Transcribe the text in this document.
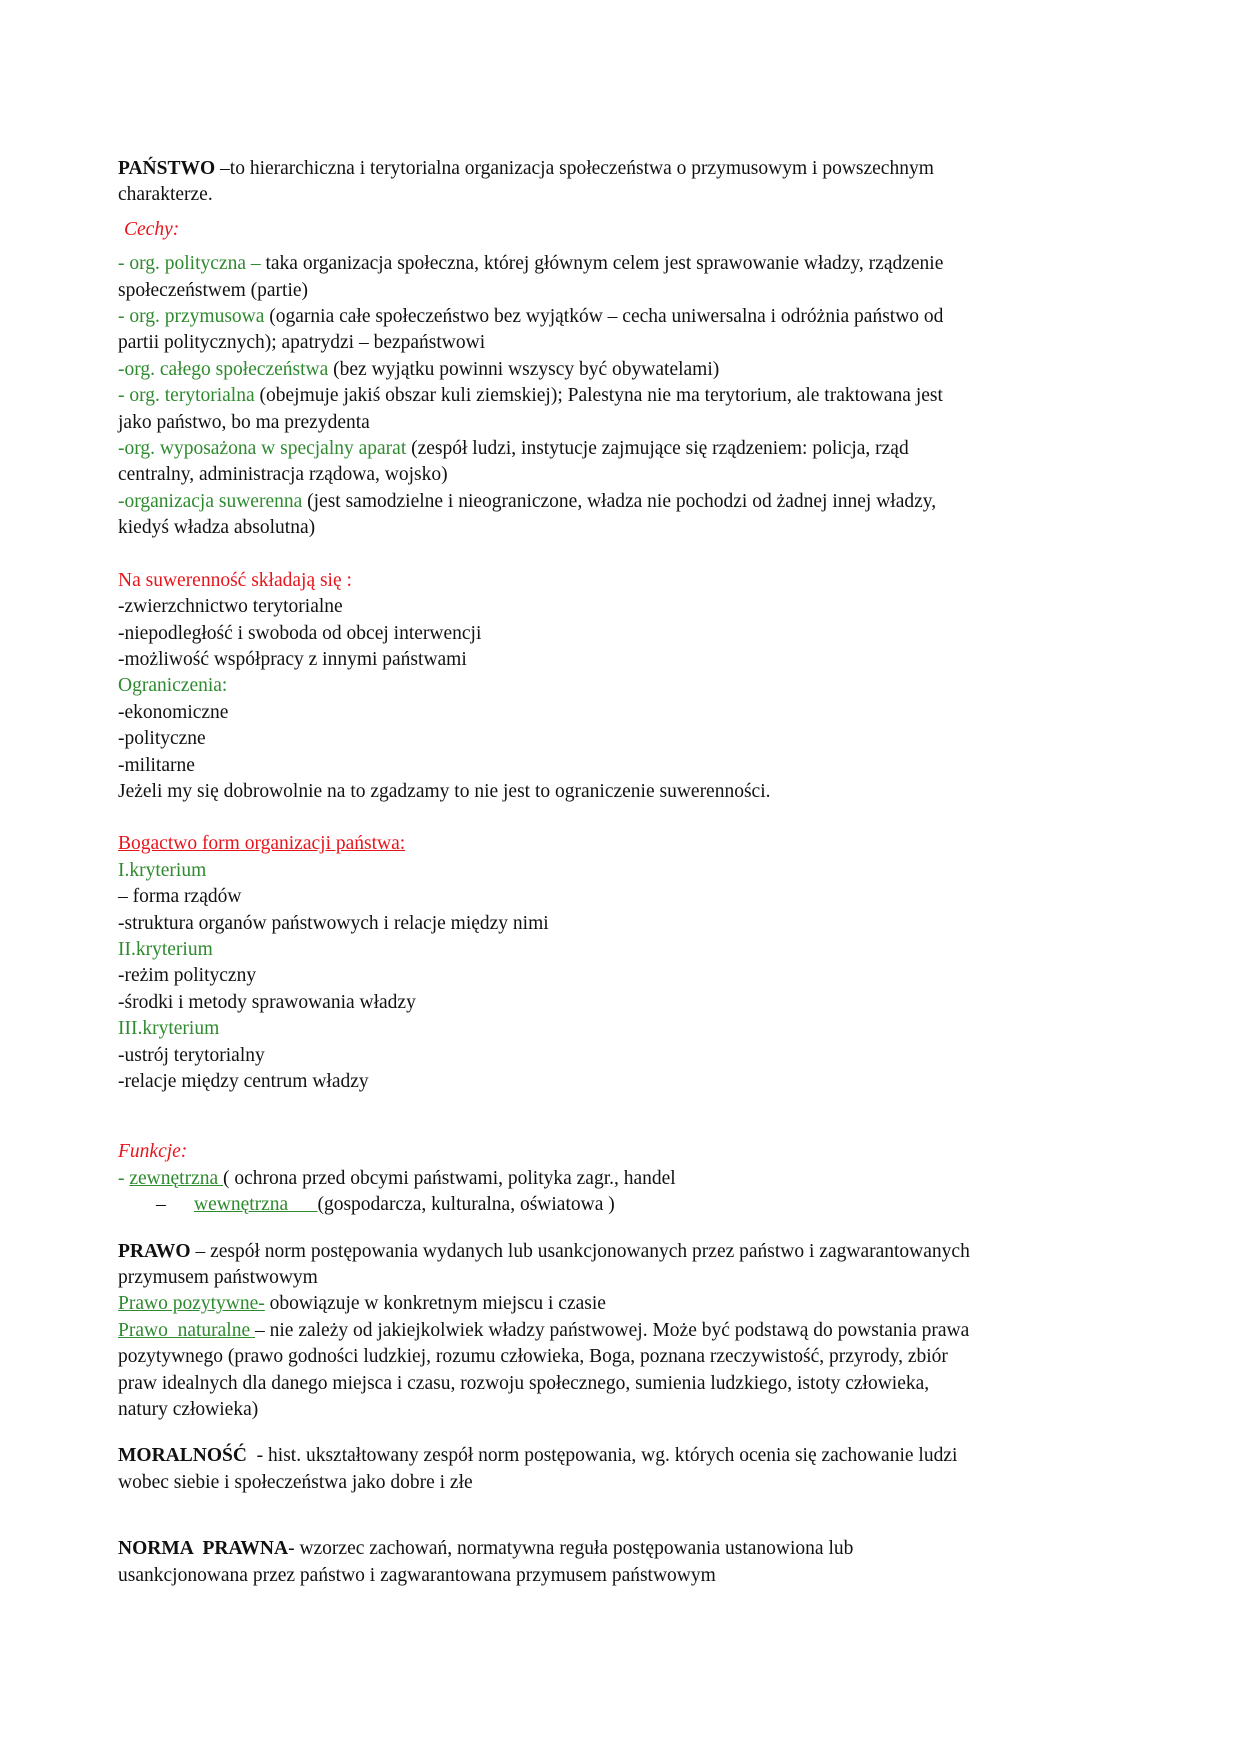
PAŃSTWO –to hierarchiczna i terytorialna organizacja społeczeństwa o przymusowym i powszechnym
charakterze.
Cechy:
- org. polityczna – taka organizacja społeczna, której głównym celem jest sprawowanie władzy, rządzenie
społeczeństwem (partie)
- org. przymusowa (ogarnia całe społeczeństwo bez wyjątków – cecha uniwersalna i odróżnia państwo od
partii politycznych); apatrydzi – bezpaństwowi
-org. całego społeczeństwa (bez wyjątku powinni wszyscy być obywatelami)
- org. terytorialna (obejmuje jakiś obszar kuli ziemskiej); Palestyna nie ma terytorium, ale traktowana jest
jako państwo, bo ma prezydenta
-org. wyposażona w specjalny aparat (zespół ludzi, instytucje zajmujące się rządzeniem: policja, rząd
centralny, administracja rządowa, wojsko)
-organizacja suwerenna (jest samodzielne i nieograniczone, władza nie pochodzi od żadnej innej władzy,
kiedyś władza absolutna)
Na suwerenność składają się :
-zwierzchnictwo terytorialne
-niepodległość i swoboda od obcej interwencji
-możliwość współpracy z innymi państwami
Ograniczenia:
-ekonomiczne
-polityczne
-militarne
Jeżeli my się dobrowolnie na to zgadzamy to nie jest to ograniczenie suwerenności.
Bogactwo form organizacji państwa:
I.kryterium
– forma rządów
-struktura organów państwowych i relacje między nimi
II.kryterium
-reżim polityczny
-środki i metody sprawowania władzy
III.kryterium
-ustrój terytorialny
-relacje między centrum władzy
Funkcje:
- zewnętrzna ( ochrona przed obcymi państwami, polityka zagr., handel
– wewnętrzna      (gospodarcza, kulturalna, oświatowa )
PRAWO – zespół norm postępowania wydanych lub usankcjonowanych przez państwo i zagwarantowanych
przymusem państwowym
Prawo pozytywne- obowiązuje w konkretnym miejscu i czasie
Prawo  naturalne – nie zależy od jakiejkolwiek władzy państwowej. Może być podstawą do powstania prawa
pozytywnego (prawo godności ludzkiej, rozumu człowieka, Boga, poznana rzeczywistość, przyrody, zbiór
praw idealnych dla danego miejsca i czasu, rozwoju społecznego, sumienia ludzkiego, istoty człowieka,
natury człowieka)
MORALNOŚĆ  - hist. ukształtowany zespół norm postępowania, wg. których ocenia się zachowanie ludzi
wobec siebie i społeczeństwa jako dobre i złe
NORMA  PRAWNA- wzorzec zachowań, normatywna reguła postępowania ustanowiona lub
usankcjonowana przez państwo i zagwarantowana przymusem państwowym
